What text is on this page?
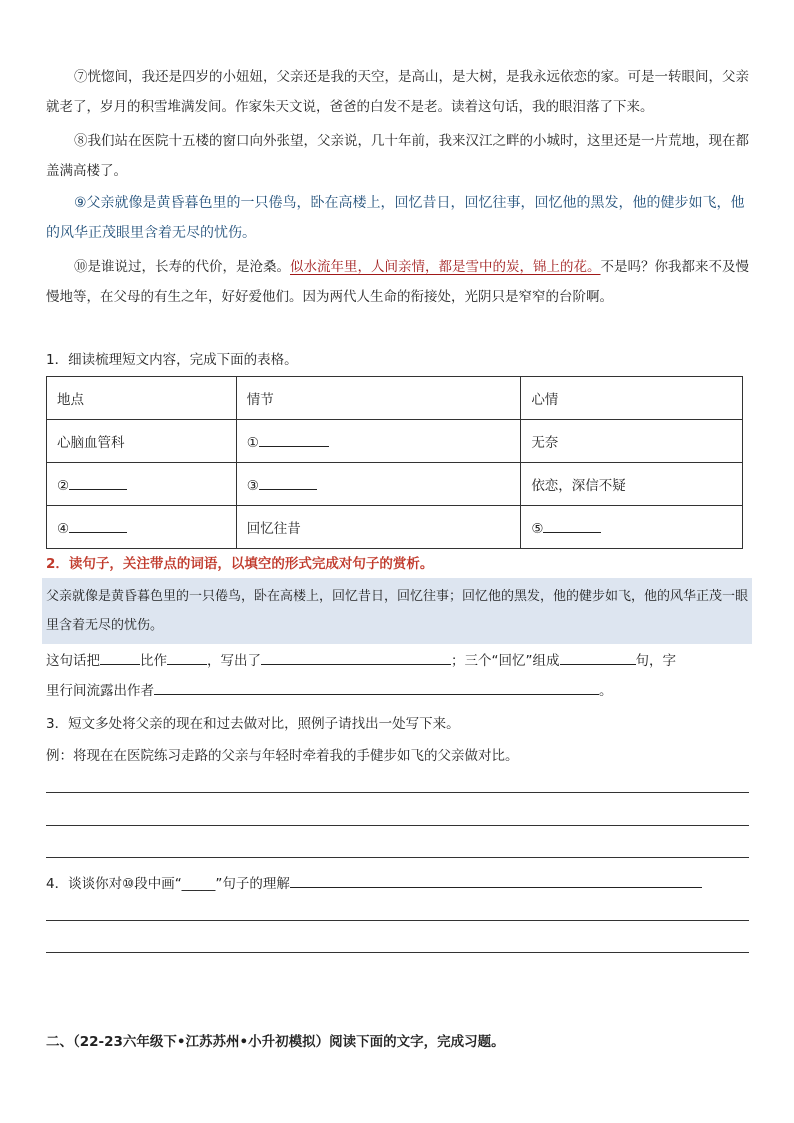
⑦恍惚间，我还是四岁的小妞妞，父亲还是我的天空，是高山，是大树，是我永远依恋的家。可是一转眼间，父亲就老了，岁月的积雪堆满发间。作家朱天文说，爸爸的白发不是老。读着这句话，我的眼泪落了下来。
⑧我们站在医院十五楼的窗口向外张望，父亲说，几十年前，我来汉江之畔的小城时，这里还是一片荒地，现在都盖满高楼了。
⑨父亲就像是黄昏暮色里的一只倦鸟，卧在高楼上，回忆昔日，回忆往事，回忆他的黑发，他的健步如飞，他的风华正茂眼里含着无尽的忧伤。
⑩是谁说过，长寿的代价，是沧桑。似水流年里，人间亲情，都是雪中的炭，锦上的花。不是吗？你我都来不及慢慢地等，在父母的有生之年，好好爱他们。因为两代人生命的衔接处，光阴只是窄窄的台阶啊。
1．细读梳理短文内容，完成下面的表格。
地点	情节	心情
心脑血管科	①	无奈
②	③	依恋，深信不疑
④	回忆往昔	⑤
2．读句子，关注带点的词语，以填空的形式完成对句子的赏析。
父亲就像是黄昏暮色里的一只倦鸟，卧在高楼上，回忆昔日，回忆往事；回忆他的黑发，他的健步如飞，他的风华正茂一眼里含着无尽的忧伤。
这句话把	比作	，写出了	；三个“回忆”组成	句，字
里行间流露出作者	。
3．短文多处将父亲的现在和过去做对比，照例子请找出一处写下来。
例：将现在在医院练习走路的父亲与年轻时牵着我的手健步如飞的父亲做对比。
4．谈谈你对⑩段中画“_____”句子的理解
二、（22-23六年级下•江苏苏州•小升初模拟）阅读下面的文字，完成习题。
